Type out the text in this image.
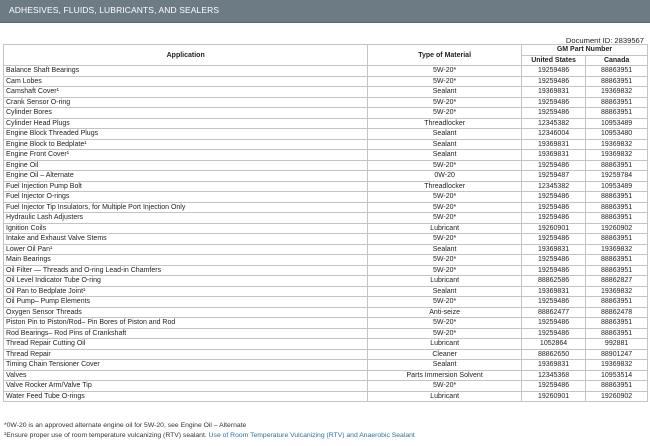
ADHESIVES, FLUIDS, LUBRICANTS, AND SEALERS
Document ID: 2839567
Application	Type of Material	GM Part Number	
		United States	Canada
Balance Shaft Bearings	5W-20*	19259486	88863951
Cam Lobes	5W-20*	19259486	88863951
Camshaft Cover¹	Sealant	19369831	19369832
Crank Sensor O-ring	5W-20*	19259486	88863951
Cylinder Bores	5W-20*	19259486	88863951
Cylinder Head Plugs	Threadlocker	12345382	10953489
Engine Block Threaded Plugs	Sealant	12346004	10953480
Engine Block to Bedplate¹	Sealant	19369831	19369832
Engine Front Cover¹	Sealant	19369831	19369832
Engine Oil	5W-20*	19259486	88863951
Engine Oil – Alternate	0W-20	19259487	19259784
Fuel Injection Pump Bolt	Threadlocker	12345382	10953489
Fuel Injector O-rings	5W-20*	19259486	88863951
Fuel Injector Tip Insulators, for Multiple Port Injection Only	5W-20*	19259486	88863951
Hydraulic Lash Adjusters	5W-20*	19259486	88863951
Ignition Coils	Lubricant	19260901	19260902
Intake and Exhaust Valve Stems	5W-20*	19259486	88863951
Lower Oil Pan¹	Sealant	19369831	19369832
Main Bearings	5W-20*	19259486	88863951
Oil Filter — Threads and O-ring Lead-in Chamfers	5W-20*	19259486	88863951
Oil Level Indicator Tube O-ring	Lubricant	88862586	88862827
Oil Pan to Bedplate Joint¹	Sealant	19369831	19369832
Oil Pump– Pump Elements	5W-20*	19259486	88863951
Oxygen Sensor Threads	Anti-seize	88862477	88862478
Piston Pin to Piston/Rod– Pin Bores of Piston and Rod	5W-20*	19259486	88863951
Rod Bearings– Rod Pins of Crankshaft	5W-20*	19259486	88863951
Thread Repair Cutting Oil	Lubricant	1052864	992881
Thread Repair	Cleaner	88862650	88901247
Timing Chain Tensioner Cover	Sealant	19369831	19369832
Valves	Parts Immersion Solvent	12345368	10953514
Valve Rocker Arm/Valve Tip	5W-20*	19259486	88863951
Water Feed Tube O-rings	Lubricant	19260901	19260902
*0W-20 is an approved alternate engine oil for 5W-20, see Engine Oil – Alternate
¹Ensure proper use of room temperature vulcanizing (RTV) sealant. Use of Room Temperature Vulcanizing (RTV) and Anaerobic Sealant
